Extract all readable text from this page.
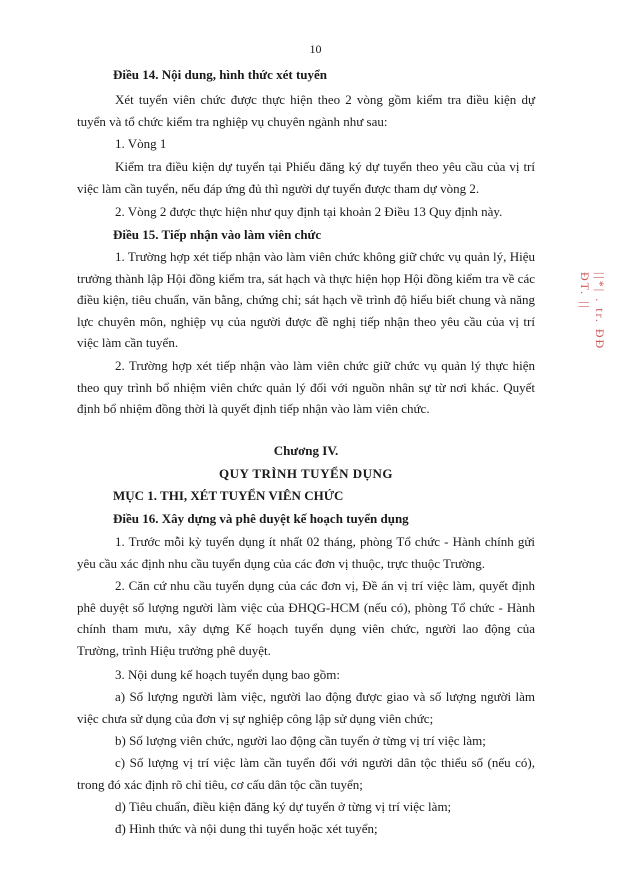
10
Điều 14. Nội dung, hình thức xét tuyển
Xét tuyển viên chức được thực hiện theo 2 vòng gồm kiểm tra điều kiện dự tuyển và tổ chức kiểm tra nghiệp vụ chuyên ngành như sau:
1. Vòng 1
Kiểm tra điều kiện dự tuyển tại Phiếu đăng ký dự tuyển theo yêu cầu của vị trí việc làm cần tuyển, nếu đáp ứng đủ thì người dự tuyển được tham dự vòng 2.
2. Vòng 2 được thực hiện như quy định tại khoản 2 Điều 13 Quy định này.
Điều 15. Tiếp nhận vào làm viên chức
1. Trường hợp xét tiếp nhận vào làm viên chức không giữ chức vụ quản lý, Hiệu trưởng thành lập Hội đồng kiểm tra, sát hạch và thực hiện họp Hội đồng kiểm tra về các điều kiện, tiêu chuẩn, văn bằng, chứng chỉ; sát hạch về trình độ hiểu biết chung và năng lực chuyên môn, nghiệp vụ của người được đề nghị tiếp nhận theo yêu cầu của vị trí việc làm cần tuyển.
2. Trường hợp xét tiếp nhận vào làm viên chức giữ chức vụ quản lý thực hiện theo quy trình bổ nhiệm viên chức quản lý đối với nguồn nhân sự từ nơi khác. Quyết định bổ nhiệm đồng thời là quyết định tiếp nhận vào làm viên chức.
Chương IV.
QUY TRÌNH TUYỂN DỤNG
MỤC 1. THI, XÉT TUYỂN VIÊN CHỨC
Điều 16. Xây dựng và phê duyệt kế hoạch tuyển dụng
1. Trước mỗi kỳ tuyển dụng ít nhất 02 tháng, phòng Tổ chức - Hành chính gửi yêu cầu xác định nhu cầu tuyển dụng của các đơn vị thuộc, trực thuộc Trường.
2. Căn cứ nhu cầu tuyển dụng của các đơn vị, Đề án vị trí việc làm, quyết định phê duyệt số lượng người làm việc của ĐHQG-HCM (nếu có), phòng Tổ chức - Hành chính tham mưu, xây dựng Kế hoạch tuyển dụng viên chức, người lao động của Trường, trình Hiệu trưởng phê duyệt.
3. Nội dung kế hoạch tuyển dụng bao gồm:
a) Số lượng người làm việc, người lao động được giao và số lượng người làm việc chưa sử dụng của đơn vị sự nghiệp công lập sử dụng viên chức;
b) Số lượng viên chức, người lao động cần tuyển ở từng vị trí việc làm;
c) Số lượng vị trí việc làm cần tuyển đối với người dân tộc thiểu số (nếu có), trong đó xác định rõ chỉ tiêu, cơ cấu dân tộc cần tuyển;
d) Tiêu chuẩn, điều kiện đăng ký dự tuyển ở từng vị trí việc làm;
đ) Hình thức và nội dung thi tuyển hoặc xét tuyển;
||*| . tr. ĐĐ ĐT. ||
